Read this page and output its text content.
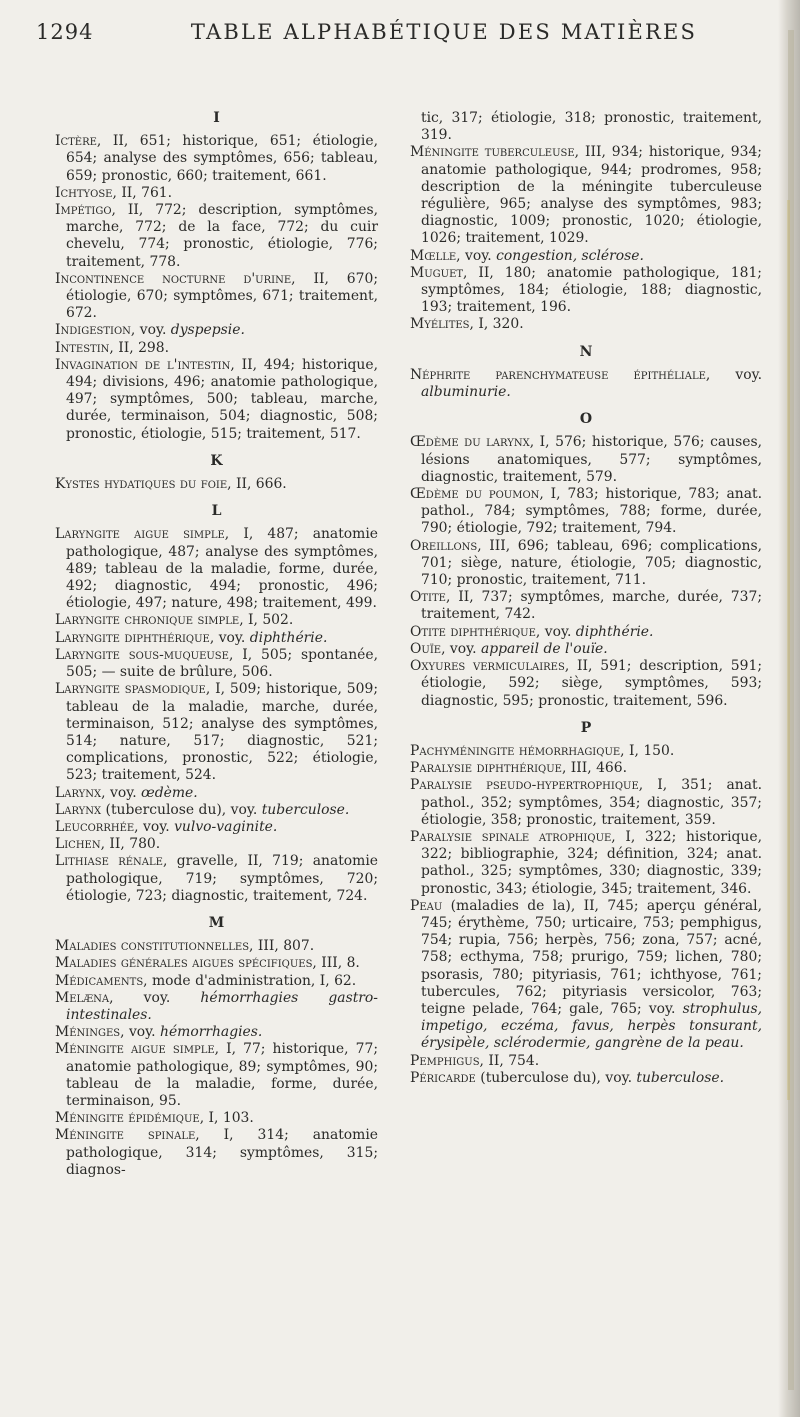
1294	TABLE ALPHABÉTIQUE DES MATIÈRES
I

Ictère, II, 651; historique, 651; étiologie, 654; analyse des symptômes, 656; tableau, 659; pronostic, 660; traitement, 661.

Ichtyose, II, 761.

Impétigo, II, 772; description, symptômes, marche, 772; de la face, 772; du cuir chevelu, 774; pronostic, étiologie, 776; traitement, 778.

Incontinence nocturne d'urine, II, 670; étiologie, 670; symptômes, 671; traitement, 672.

Indigestion, voy. dyspepsie.

Intestin, II, 298.

Invagination de l'intestin, II, 494; historique, 494; divisions, 496; anatomie pathologique, 497; symptômes, 500; tableau, marche, durée, terminaison, 504; diagnostic, 508; pronostic, étiologie, 515; traitement, 517.

K

Kystes hydatiques du foie, II, 666.

L

Laryngite aigue simple, I, 487; anatomie pathologique, 487; analyse des symptômes, 489; tableau de la maladie, forme, durée, 492; diagnostic, 494; pronostic, 496; étiologie, 497; nature, 498; traitement, 499.

Laryngite chronique simple, I, 502.

Laryngite diphthérique, voy. diphthérie.

Laryngite sous-muqueuse, I, 505; spontanée, 505; — suite de brûlure, 506.

Laryngite spasmodique, I, 509; historique, 509; tableau de la maladie, marche, durée, terminaison, 512; analyse des symptômes, 514; nature, 517; diagnostic, 521; complications, pronostic, 522; étiologie, 523; traitement, 524.

Larynx, voy. œdème.

Larynx (tuberculose du), voy. tuberculose.

Leucorrhée, voy. vulvo-vaginite.

Lichen, II, 780.

Lithiase rénale, gravelle, II, 719; anatomie pathologique, 719; symptômes, 720; étiologie, 723; diagnostic, traitement, 724.

M

Maladies constitutionnelles, III, 807.

Maladies générales aigues spécifiques, III, 8.

Médicaments, mode d'administration, I, 62.

Melæna, voy. hémorrhagies gastro-intestinales.

Méninges, voy. hémorrhagies.

Méningite aigue simple, I, 77; historique, 77; anatomie pathologique, 89; symptômes, 90; tableau de la maladie, forme, durée, terminaison, 95.

Méningite épidémique, I, 103.

Méningite spinale, I, 314; anatomie pathologique, 314; symptômes, 315; diagnos-

tic, 317; étiologie, 318; pronostic, traitement, 319.

Méningite tuberculeuse, III, 934; historique, 934; anatomie pathologique, 944; prodromes, 958; description de la méningite tuberculeuse régulière, 965; analyse des symptômes, 983; diagnostic, 1009; pronostic, 1020; étiologie, 1026; traitement, 1029.

Mœlle, voy. congestion, sclérose.

Muguet, II, 180; anatomie pathologique, 181; symptômes, 184; étiologie, 188; diagnostic, 193; traitement, 196.

Myélites, I, 320.

N

Néphrite parenchymateuse épithéliale, voy. albuminurie.

O

Œdème du larynx, I, 576; historique, 576; causes, lésions anatomiques, 577; symptômes, diagnostic, traitement, 579.

Œdème du poumon, I, 783; historique, 783; anat. pathol., 784; symptômes, 788; forme, durée, 790; étiologie, 792; traitement, 794.

Oreillons, III, 696; tableau, 696; complications, 701; siège, nature, étiologie, 705; diagnostic, 710; pronostic, traitement, 711.

Otite, II, 737; symptômes, marche, durée, 737; traitement, 742.

Otite diphthérique, voy. diphthérie.

Ouïe, voy. appareil de l'ouïe.

Oxyures vermiculaires, II, 591; description, 591; étiologie, 592; siège, symptômes, 593; diagnostic, 595; pronostic, traitement, 596.

P

Pachyméningite hémorrhagique, I, 150.

Paralysie diphthérique, III, 466.

Paralysie pseudo-hypertrophique, I, 351; anat. pathol., 352; symptômes, 354; diagnostic, 357; étiologie, 358; pronostic, traitement, 359.

Paralysie spinale atrophique, I, 322; historique, 322; bibliographie, 324; définition, 324; anat. pathol., 325; symptômes, 330; diagnostic, 339; pronostic, 343; étiologie, 345; traitement, 346.

Peau (maladies de la), II, 745; aperçu général, 745; érythème, 750; urticaire, 753; pemphigus, 754; rupia, 756; herpès, 756; zona, 757; acné, 758; ecthyma, 758; prurigo, 759; lichen, 780; psorasis, 780; pityriasis, 761; ichthyose, 761; tubercules, 762; pityriasis versicolor, 763; teigne pelade, 764; gale, 765; voy. strophulus, impetigo, eczéma, favus, herpès tonsurant, érysipèle, sclérodermie, gangrène de la peau.

Pemphigus, II, 754.

Péricarde (tuberculose du), voy. tuberculose.
